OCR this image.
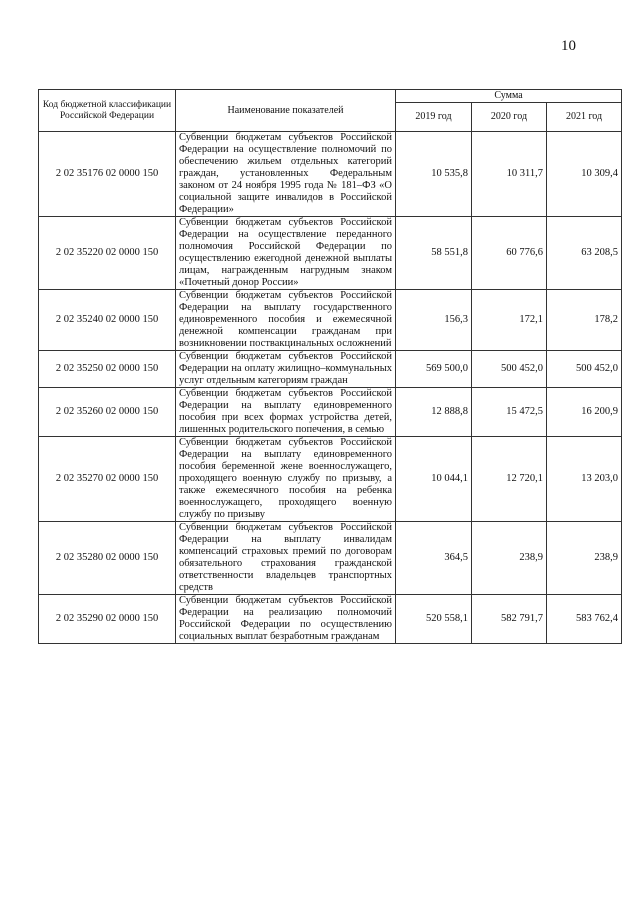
10
Код бюджетной классификации Российской Федерации	Наименование показателей	Сумма		
		2019 год	2020 год	2021 год
2 02 35176 02 0000 150	Субвенции бюджетам субъектов Российской Федерации на осуществление полномочий по обеспечению жильем отдельных категорий граждан, установленных Федеральным законом от 24 ноября 1995 года № 181–ФЗ «О социальной защите инвалидов в Российской Федерации»	10 535,8	10 311,7	10 309,4
2 02 35220 02 0000 150	Субвенции бюджетам субъектов Российской Федерации на осуществление переданного полномочия Российской Федерации по осуществлению ежегодной денежной выплаты лицам, награжденным нагрудным знаком «Почетный донор России»	58 551,8	60 776,6	63 208,5
2 02 35240 02 0000 150	Субвенции бюджетам субъектов Российской Федерации на выплату государственного единовременного пособия и ежемесячной денежной компенсации гражданам при возникновении поствакцинальных осложнений	156,3	172,1	178,2
2 02 35250 02 0000 150	Субвенции бюджетам субъектов Российской Федерации на оплату жилищно–коммунальных услуг отдельным категориям граждан	569 500,0	500 452,0	500 452,0
2 02 35260 02 0000 150	Субвенции бюджетам субъектов Российской Федерации на выплату единовременного пособия при всех формах устройства детей, лишенных родительского попечения, в семью	12 888,8	15 472,5	16 200,9
2 02 35270 02 0000 150	Субвенции бюджетам субъектов Российской Федерации на выплату единовременного пособия беременной жене военнослужащего, проходящего военную службу по призыву, а также ежемесячного пособия на ребенка военнослужащего, проходящего военную службу по призыву	10 044,1	12 720,1	13 203,0
2 02 35280 02 0000 150	Субвенции бюджетам субъектов Российской Федерации на выплату инвалидам компенсаций страховых премий по договорам обязательного страхования гражданской ответственности владельцев транспортных средств	364,5	238,9	238,9
2 02 35290 02 0000 150	Субвенции бюджетам субъектов Российской Федерации на реализацию полномочий Российской Федерации по осуществлению социальных выплат безработным гражданам	520 558,1	582 791,7	583 762,4
